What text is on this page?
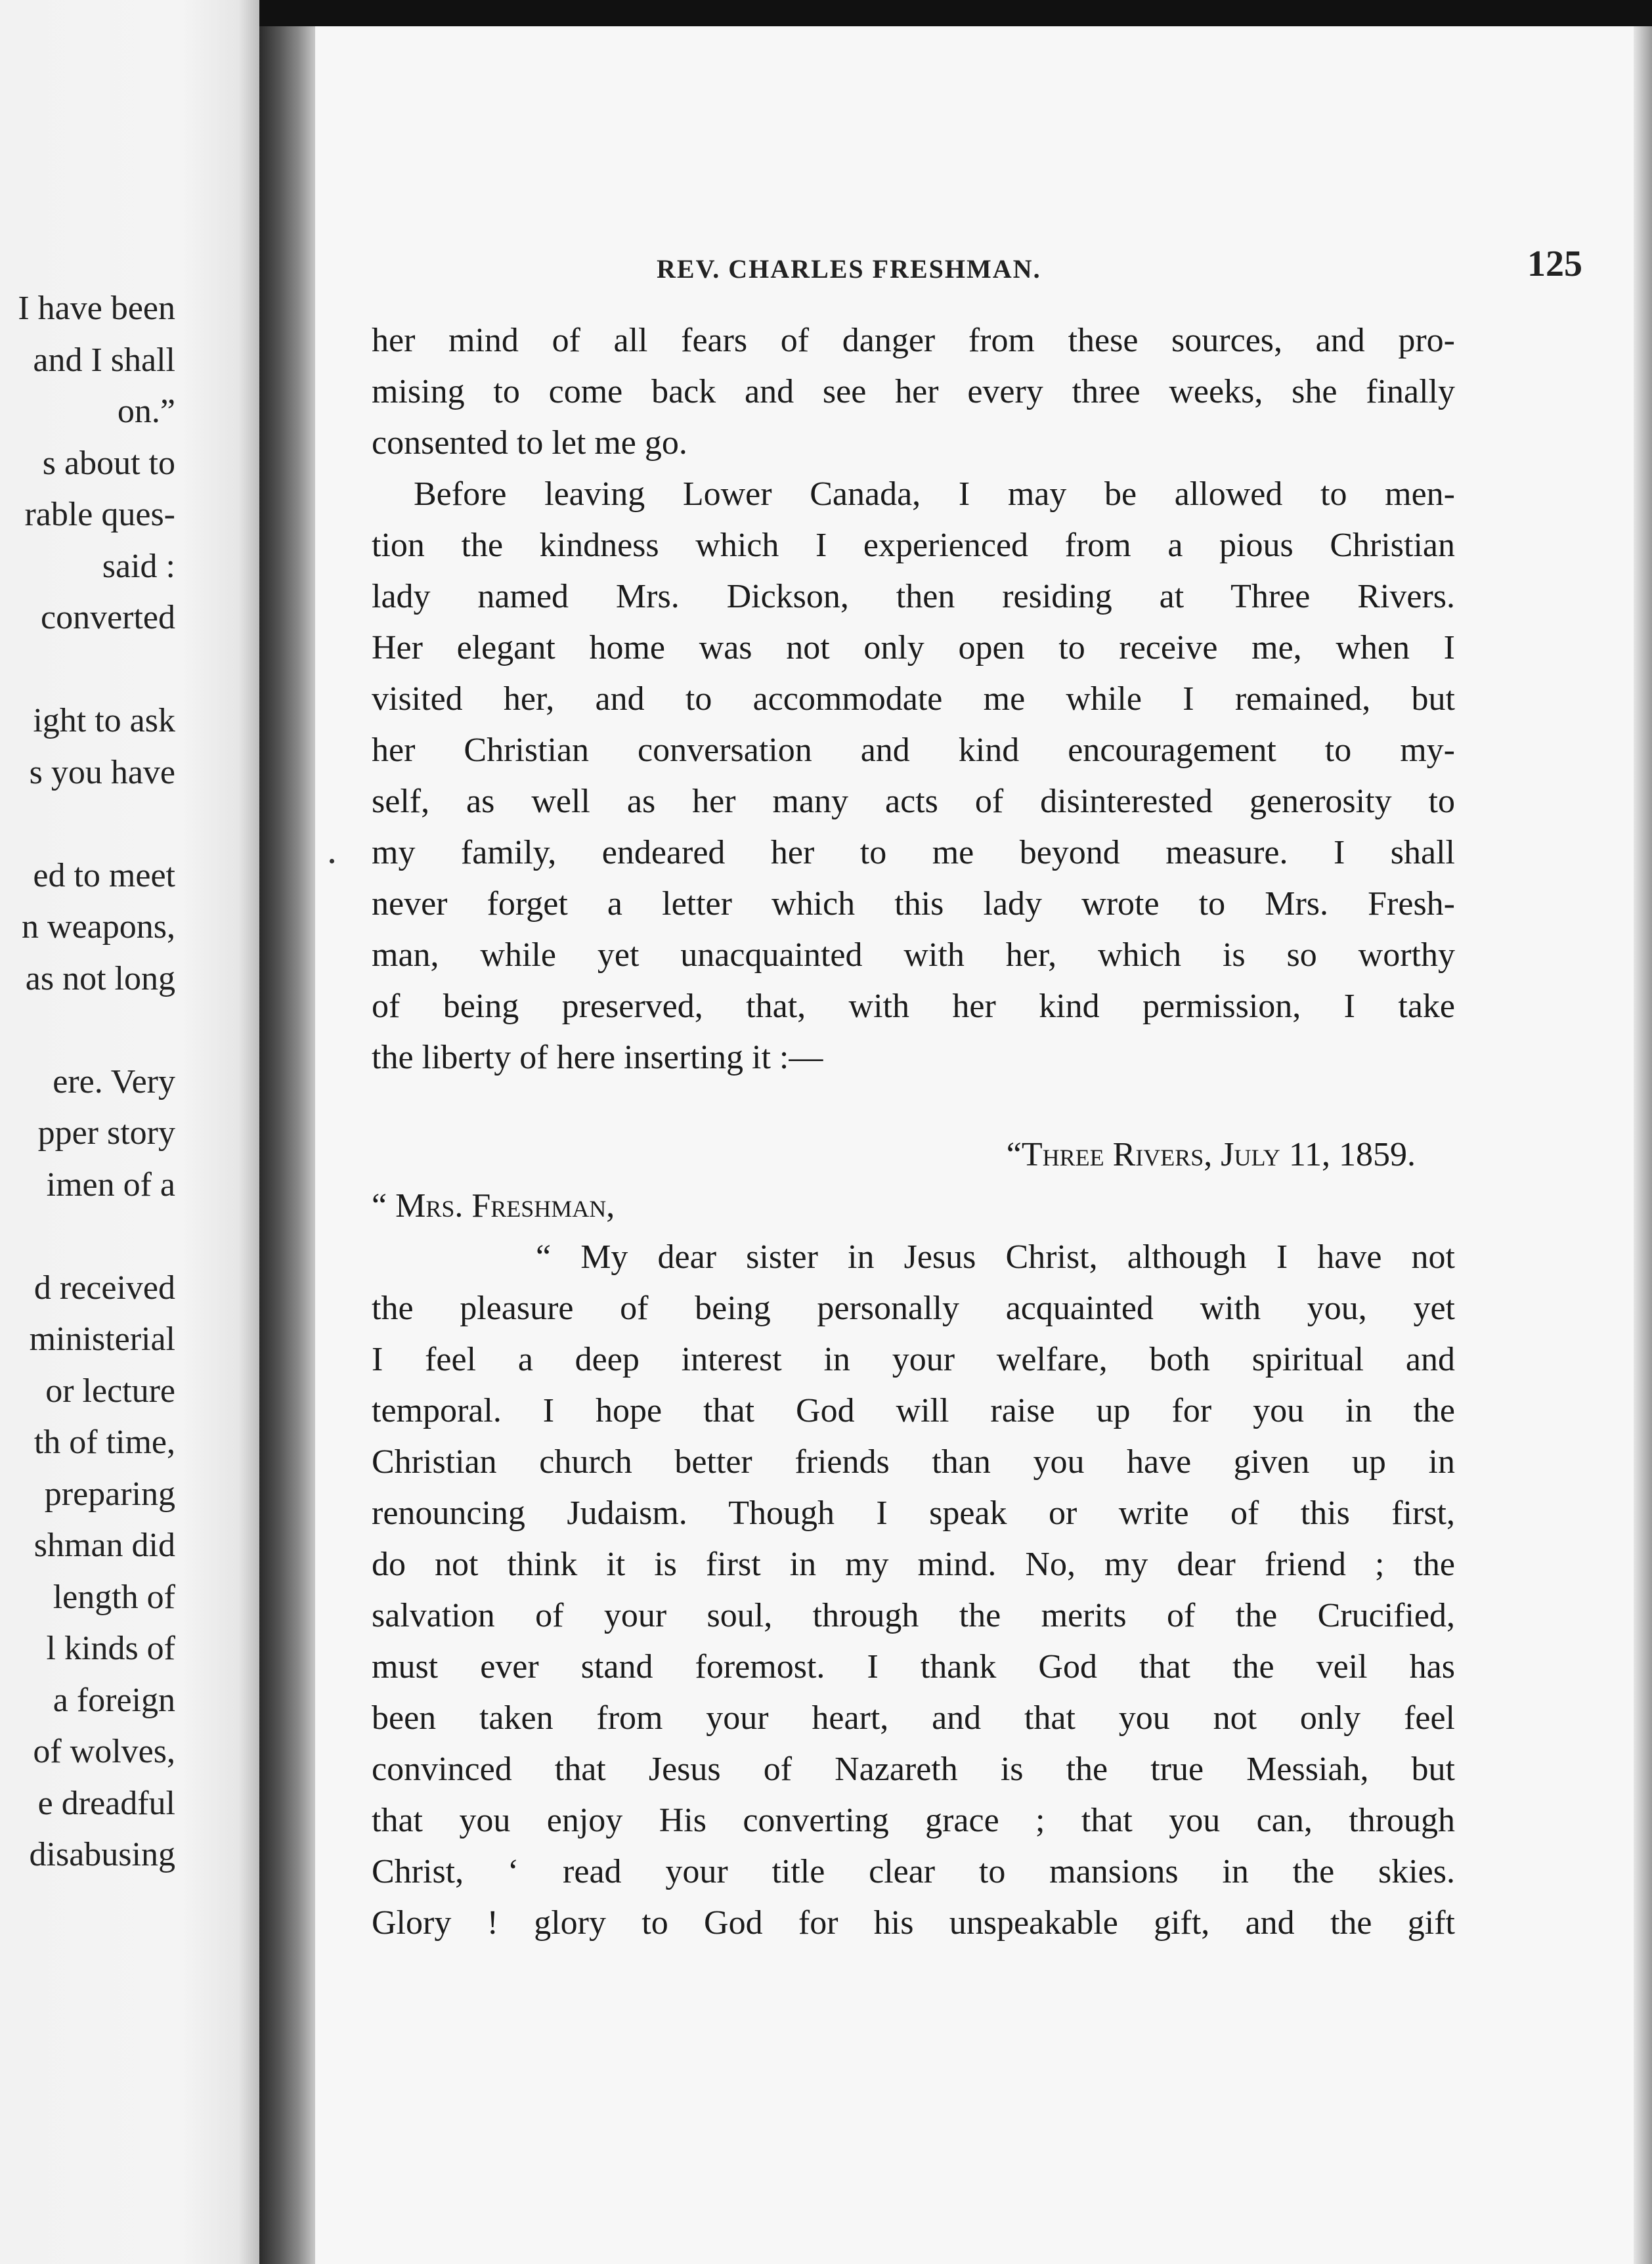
I have been
and I shall
on.”
s about to
rable ques-
said :
converted
ight to ask
s you have
ed to meet
n weapons,
as not long
ere. Very
pper story
imen of a
d received
ministerial
or lecture
th of time,
preparing
shman did
length of
l kinds of
a foreign
of wolves,
e dreadful
disabusing
REV. CHARLES FRESHMAN.	125
her mind of all fears of danger from these sources, and pro-
mising to come back and see her every three weeks, she finally
consented to let me go.
Before leaving Lower Canada, I may be allowed to men-
tion the kindness which I experienced from a pious Christian
lady named Mrs. Dickson, then residing at Three Rivers.
Her elegant home was not only open to receive me, when I
visited her, and to accommodate me while I remained, but
her Christian conversation and kind encouragement to my-
self, as well as her many acts of disinterested generosity to
my family, endeared her to me beyond measure. I shall
never forget a letter which this lady wrote to Mrs. Fresh-
man, while yet unacquainted with her, which is so worthy
of being preserved, that, with her kind permission, I take
the liberty of here inserting it :—
“Three Rivers, July 11, 1859.
“ Mrs. Freshman,
“ My dear sister in Jesus Christ, although I have not
the pleasure of being personally acquainted with you, yet
I feel a deep interest in your welfare, both spiritual and
temporal. I hope that God will raise up for you in the
Christian church better friends than you have given up in
renouncing Judaism. Though I speak or write of this first,
do not think it is first in my mind. No, my dear friend ; the
salvation of your soul, through the merits of the Crucified,
must ever stand foremost. I thank God that the veil has
been taken from your heart, and that you not only feel
convinced that Jesus of Nazareth is the true Messiah, but
that you enjoy His converting grace ; that you can, through
Christ, ‘ read your title clear to mansions in the skies.
Glory ! glory to God for his unspeakable gift, and the gift
